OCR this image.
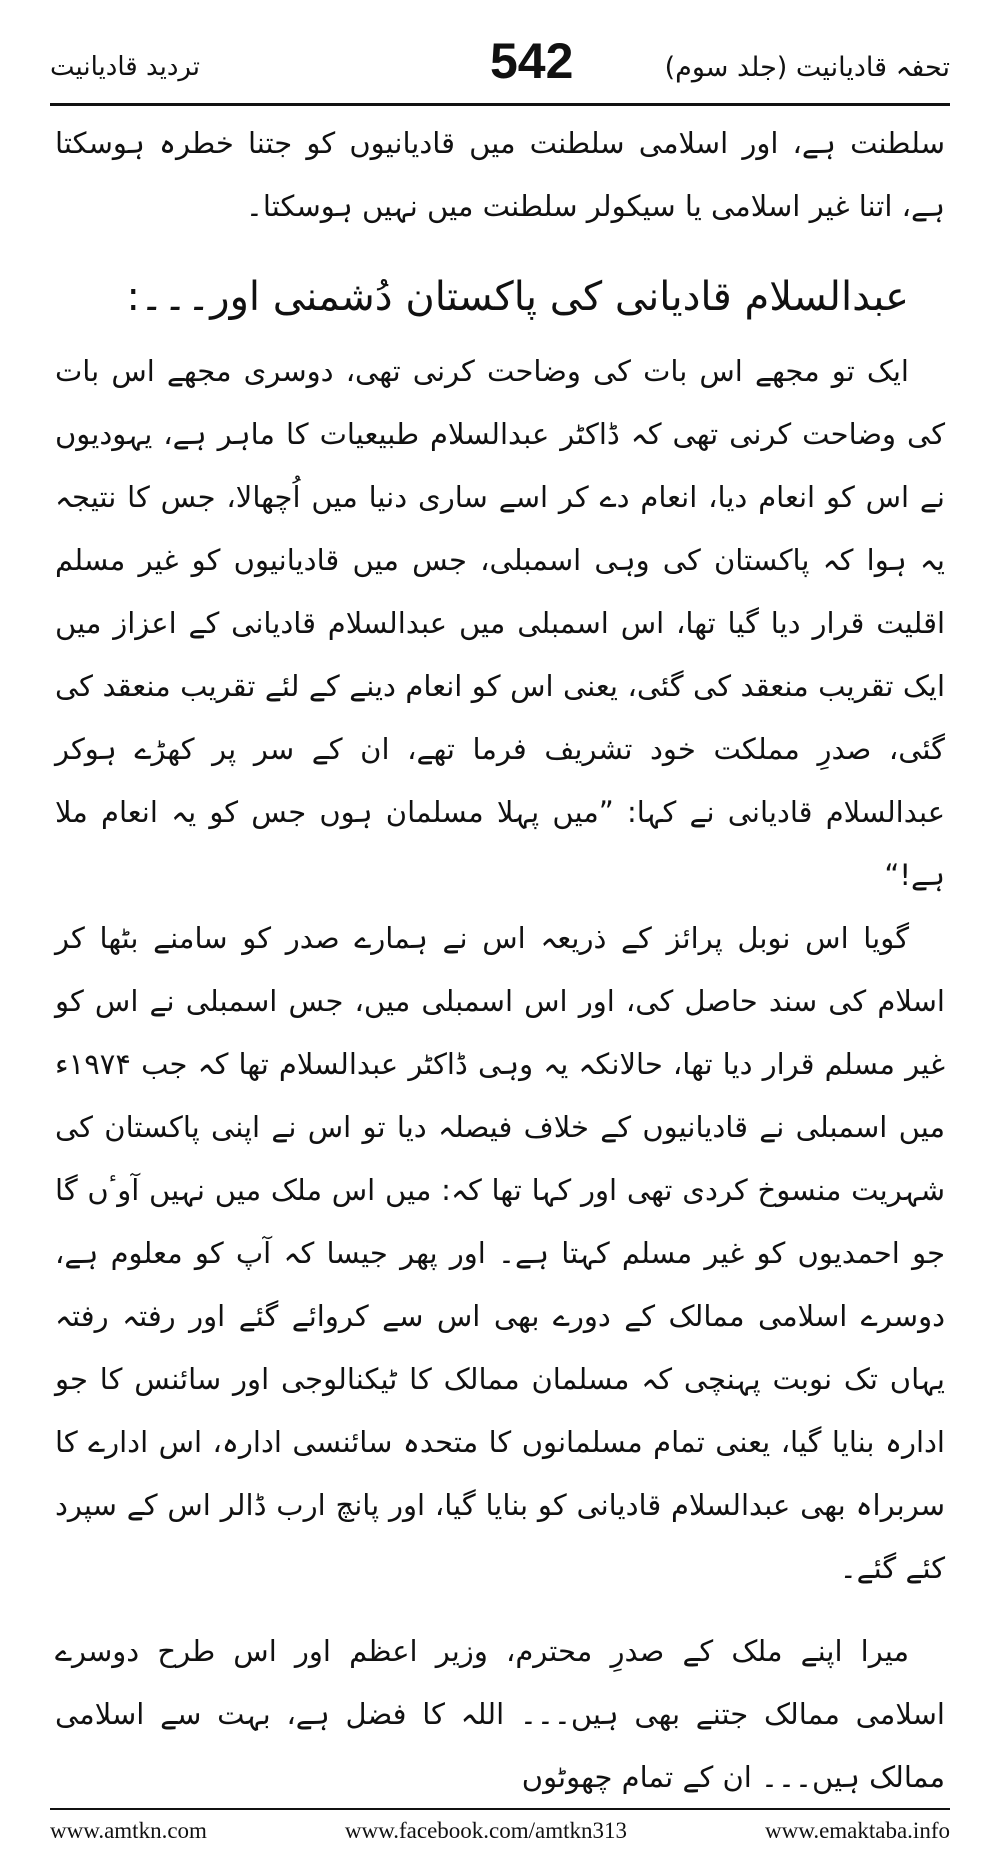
تردید قادیانیت	542	تحفہ قادیانیت (جلد سوم)

سلطنت ہے، اور اسلامی سلطنت میں قادیانیوں کو جتنا خطرہ ہوسکتا ہے، اتنا غیر اسلامی یا سیکولر سلطنت میں نہیں ہوسکتا۔

عبدالسلام قادیانی کی پاکستان دُشمنی اور۔۔۔:

ایک تو مجھے اس بات کی وضاحت کرنی تھی، دوسری مجھے اس بات کی وضاحت کرنی تھی کہ ڈاکٹر عبدالسلام طبیعیات کا ماہر ہے، یہودیوں نے اس کو انعام دیا، انعام دے کر اسے ساری دنیا میں اُچھالا، جس کا نتیجہ یہ ہوا کہ پاکستان کی وہی اسمبلی، جس میں قادیانیوں کو غیر مسلم اقلیت قرار دیا گیا تھا، اس اسمبلی میں عبدالسلام قادیانی کے اعزاز میں ایک تقریب منعقد کی گئی، یعنی اس کو انعام دینے کے لئے تقریب منعقد کی گئی، صدرِ مملکت خود تشریف فرما تھے، ان کے سر پر کھڑے ہوکر عبدالسلام قادیانی نے کہا: ”میں پہلا مسلمان ہوں جس کو یہ انعام ملا ہے!“

گویا اس نوبل پرائز کے ذریعہ اس نے ہمارے صدر کو سامنے بٹھا کر اسلام کی سند حاصل کی، اور اس اسمبلی میں، جس اسمبلی نے اس کو غیر مسلم قرار دیا تھا، حالانکہ یہ وہی ڈاکٹر عبدالسلام تھا کہ جب ۱۹۷۴ء میں اسمبلی نے قادیانیوں کے خلاف فیصلہ دیا تو اس نے اپنی پاکستان کی شہریت منسوخ کردی تھی اور کہا تھا کہ: میں اس ملک میں نہیں آوٴں گا جو احمدیوں کو غیر مسلم کہتا ہے۔ اور پھر جیسا کہ آپ کو معلوم ہے، دوسرے اسلامی ممالک کے دورے بھی اس سے کروائے گئے اور رفتہ رفتہ یہاں تک نوبت پہنچی کہ مسلمان ممالک کا ٹیکنالوجی اور سائنس کا جو ادارہ بنایا گیا، یعنی تمام مسلمانوں کا متحدہ سائنسی ادارہ، اس ادارے کا سربراہ بھی عبدالسلام قادیانی کو بنایا گیا، اور پانچ ارب ڈالر اس کے سپرد کئے گئے۔

میرا اپنے ملک کے صدرِ محترم، وزیر اعظم اور اس طرح دوسرے اسلامی ممالک جتنے بھی ہیں۔۔۔ اللہ کا فضل ہے، بہت سے اسلامی ممالک ہیں۔۔۔ ان کے تمام چھوٹوں

www.amtkn.com	www.facebook.com/amtkn313	www.emaktaba.info
